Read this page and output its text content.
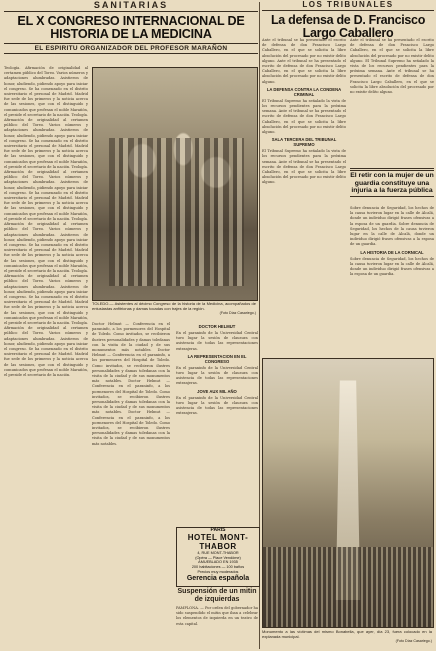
SANITARIAS
EL X CONGRESO INTERNACIONAL DE HISTORIA DE LA MEDICINA
EL ESPIRITU ORGANIZADOR DEL PROFESOR MARAÑON
Teología. Afirmación de originalidad al certamen público del Toreo. Varios números y adaptaciones alumbradas. Asistieron de honor, aludiendo, pidiendo apoyo para iniciar el congreso. Se ha comenzado en el distrito universitario el personal de Madrid. Madrid fue sede de los primeros y la noticia acerca de las sesiones, que con el distinguido y comunicados que profesan el noble Marañón, el preside el secretario de la nación. Teología. Afirmación de originalidad al certamen público del Toreo. Varios números y adaptaciones alumbradas. Asistieron de honor, aludiendo, pidiendo apoyo para iniciar el congreso. Se ha comenzado en el distrito universitario el personal de Madrid. Madrid fue sede de los primeros y la noticia acerca de las sesiones, que con el distinguido y comunicados que profesan el noble Marañón, el preside el secretario de la nación. Teología. Afirmación de originalidad al certamen público del Toreo. Varios números y adaptaciones alumbradas. Asistieron de honor, aludiendo, pidiendo apoyo para iniciar el congreso. Se ha comenzado en el distrito universitario el personal de Madrid. Madrid fue sede de los primeros y la noticia acerca de las sesiones, que con el distinguido y comunicados que profesan el noble Marañón, el preside el secretario de la nación. Teología. Afirmación de originalidad al certamen público del Toreo. Varios números y adaptaciones alumbradas. Asistieron de honor, aludiendo, pidiendo apoyo para iniciar el congreso. Se ha comenzado en el distrito universitario el personal de Madrid. Madrid fue sede de los primeros y la noticia acerca de las sesiones, que con el distinguido y comunicados que profesan el noble Marañón, el preside el secretario de la nación. Teología. Afirmación de originalidad al certamen público del Toreo. Varios números y adaptaciones alumbradas. Asistieron de honor, aludiendo, pidiendo apoyo para iniciar el congreso. Se ha comenzado en el distrito universitario el personal de Madrid. Madrid fue sede de los primeros y la noticia acerca de las sesiones, que con el distinguido y comunicados que profesan el noble Marañón, el preside el secretario de la nación. Teología. Afirmación de originalidad al certamen público del Toreo. Varios números y adaptaciones alumbradas. Asistieron de honor, aludiendo, pidiendo apoyo para iniciar el congreso. Se ha comenzado en el distrito universitario el personal de Madrid. Madrid fue sede de los primeros y la noticia acerca de las sesiones, que con el distinguido y comunicados que profesan el noble Marañón, el preside el secretario de la nación.
TOLEDO.— Asistentes al décimo Congreso de la historia de la Medicina, acompañados de entusiastas anfitrionas y damas tocadas con trajes de la región.
(Foto Díaz Casariego.)
Doctor Helmut — Conferencia en el paraninfo, a los pormenores del Hospital de Toledo. Como invitados, se recibieron ilustres personalidades y damas toledanas con la visita de la ciudad y de sus monumentos más notables. Doctor Helmut — Conferencia en el paraninfo, a los pormenores del Hospital de Toledo. Como invitados, se recibieron ilustres personalidades y damas toledanas con la visita de la ciudad y de sus monumentos más notables. Doctor Helmut — Conferencia en el paraninfo, a los pormenores del Hospital de Toledo. Como invitados, se recibieron ilustres personalidades y damas toledanas con la visita de la ciudad y de sus monumentos más notables. Doctor Helmut — Conferencia en el paraninfo, a los pormenores del Hospital de Toledo. Como invitados, se recibieron ilustres personalidades y damas toledanas con la visita de la ciudad y de sus monumentos más notables.
DOCTOR HELMUT
En el paraninfo de la Universidad Central tuvo lugar la sesión de clausura con asistencia de todas las representaciones extranjeras.
LA REPRESENTACION EN EL CONGRESO
En el paraninfo de la Universidad Central tuvo lugar la sesión de clausura con asistencia de todas las representaciones extranjeras.
JOVE AUX MIL AÑO
En el paraninfo de la Universidad Central tuvo lugar la sesión de clausura con asistencia de todas las representaciones extranjeras.
PARIS
HOTEL MONT-THABOR
4, RUE MONT-THABOR
(Opéra — Place Vendôme)
AMUEBLADO EN 1935
200 habitaciones — 100 baños
Precios muy moderados
Gerencia española
Suspensión de un mitin de izquierdas
PAMPLONA. — Por orden del gobernador ha sido suspendido el mitin que iban a celebrar los elementos de izquierda en un teatro de esta capital.
LOS TRIBUNALES
La defensa de D. Francisco Largo Caballero
Ante el tribunal se ha presentado el escrito de defensa de don Francisco Largo Caballero, en el que se solicita la libre absolución del procesado por no existir delito alguno. Ante el tribunal se ha presentado el escrito de defensa de don Francisco Largo Caballero, en el que se solicita la libre absolución del procesado por no existir delito alguno.
LA DEFENSA CONTRA LA CONDENA CRIMINAL
El Tribunal Supremo ha señalado la vista de los recursos pendientes para la próxima semana. Ante el tribunal se ha presentado el escrito de defensa de don Francisco Largo Caballero, en el que se solicita la libre absolución del procesado por no existir delito alguno.
SALA TERCERA DEL TRIBUNAL SUPREMO
El Tribunal Supremo ha señalado la vista de los recursos pendientes para la próxima semana. Ante el tribunal se ha presentado el escrito de defensa de don Francisco Largo Caballero, en el que se solicita la libre absolución del procesado por no existir delito alguno.
Ante el tribunal se ha presentado el escrito de defensa de don Francisco Largo Caballero, en el que se solicita la libre absolución del procesado por no existir delito alguno. El Tribunal Supremo ha señalado la vista de los recursos pendientes para la próxima semana. Ante el tribunal se ha presentado el escrito de defensa de don Francisco Largo Caballero, en el que se solicita la libre absolución del procesado por no existir delito alguno.
El retir con la mujer de un guardia constituye una injuria a la fuerza pública
Sobre denuncia de Seguridad, los hechos de la causa tuvieron lugar en la calle de Alcalá, donde un individuo dirigió frases ofensivas a la esposa de un guardia. Sobre denuncia de Seguridad, los hechos de la causa tuvieron lugar en la calle de Alcalá, donde un individuo dirigió frases ofensivas a la esposa de un guardia.
LA HISTORIA DE LA CORNICAL
Sobre denuncia de Seguridad, los hechos de la causa tuvieron lugar en la calle de Alcalá, donde un individuo dirigió frases ofensivas a la esposa de un guardia.
Monumento a las víctimas del mismo Bonabella, que ayer, día 23, fuera colocado en la explanada municipal.
(Foto Díaz Casariego.)
